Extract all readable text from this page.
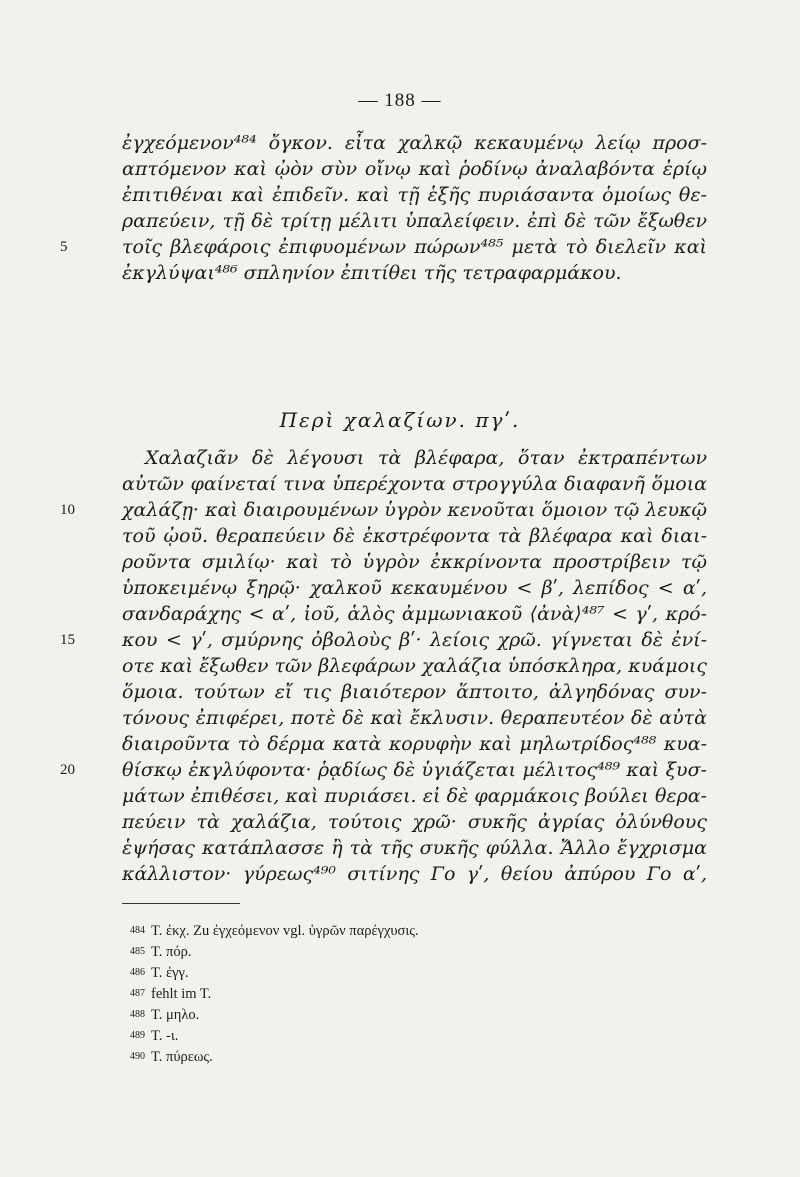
— 188 —
ἐγχεόμενον⁴⁸⁴ ὄγκον. εἶτα χαλκῷ κεκαυμένῳ λείῳ προσ-
απτόμενον καὶ ᾠὸν σὺν οἴνῳ καὶ ῥοδίνῳ ἀναλαβόντα ἐρίῳ
ἐπιτιθέναι καὶ ἐπιδεῖν. καὶ τῇ ἑξῆς πυριάσαντα ὁμοίως θε-
ραπεύειν, τῇ δὲ τρίτῃ μέλιτι ὑπαλείφειν. ἐπὶ δὲ τῶν ἔξωθεν
5	τοῖς βλεφάροις ἐπιφυομένων πώρων⁴⁸⁵ μετὰ τὸ διελεῖν καὶ
ἐκγλύψαι⁴⁸⁶ σπληνίον ἐπιτίθει τῆς τετραφαρμάκου.
Περὶ χαλαζίων. πγʹ.
Χαλαζιᾶν δὲ λέγουσι τὰ βλέφαρα, ὅταν ἐκτραπέντων
αὐτῶν φαίνεταί τινα ὑπερέχοντα στρογγύλα διαφανῆ ὅμοια
10	χαλάζῃ· καὶ διαιρουμένων ὑγρὸν κενοῦται ὅμοιον τῷ λευκῷ
τοῦ ᾠοῦ. θεραπεύειν δὲ ἐκστρέφοντα τὰ βλέφαρα καὶ διαι-
ροῦντα σμιλίῳ· καὶ τὸ ὑγρὸν ἐκκρίνοντα προστρίβειν τῷ
ὑποκειμένῳ ξηρῷ· χαλκοῦ κεκαυμένου < βʹ, λεπίδος < αʹ,
σανδαράχης < αʹ, ἰοῦ, ἁλὸς ἀμμωνιακοῦ ⟨ἀνὰ⟩⁴⁸⁷ < γʹ, κρό-
15	κου < γʹ, σμύρνης ὀβολοὺς βʹ· λείοις χρῶ. γίγνεται δὲ ἐνί-
οτε καὶ ἔξωθεν τῶν βλεφάρων χαλάζια ὑπόσκληρα, κυάμοις
ὅμοια. τούτων εἴ τις βιαιότερον ἅπτοιτο, ἀλγηδόνας συν-
τόνους ἐπιφέρει, ποτὲ δὲ καὶ ἔκλυσιν. θεραπευτέον δὲ αὐτὰ
διαιροῦντα τὸ δέρμα κατὰ κορυφὴν καὶ μηλωτρίδος⁴⁸⁸ κυα-
20	θίσκῳ ἐκγλύφοντα· ῥᾳδίως δὲ ὑγιάζεται μέλιτος⁴⁸⁹ καὶ ξυσ-
μάτων ἐπιθέσει, καὶ πυριάσει. εἰ δὲ φαρμάκοις βούλει θερα-
πεύειν τὰ χαλάζια, τούτοις χρῶ· συκῆς ἀγρίας ὀλύνθους
ἑψήσας κατάπλασσε ἢ τὰ τῆς συκῆς φύλλα. Ἄλλο ἔγχρισμα
κάλλιστον· γύρεως⁴⁹⁰ σιτίνης Γο γʹ, θείου ἀπύρου Γο αʹ,
484 T. ἐκχ. Zu ἐγχεόμενον vgl. ὑγρῶν παρέγχυσις.
485 T. πόρ.
486 T. ἐγγ.
487 fehlt im T.
488 T. μηλο.
489 T. -ι.
490 T. πύρεως.
